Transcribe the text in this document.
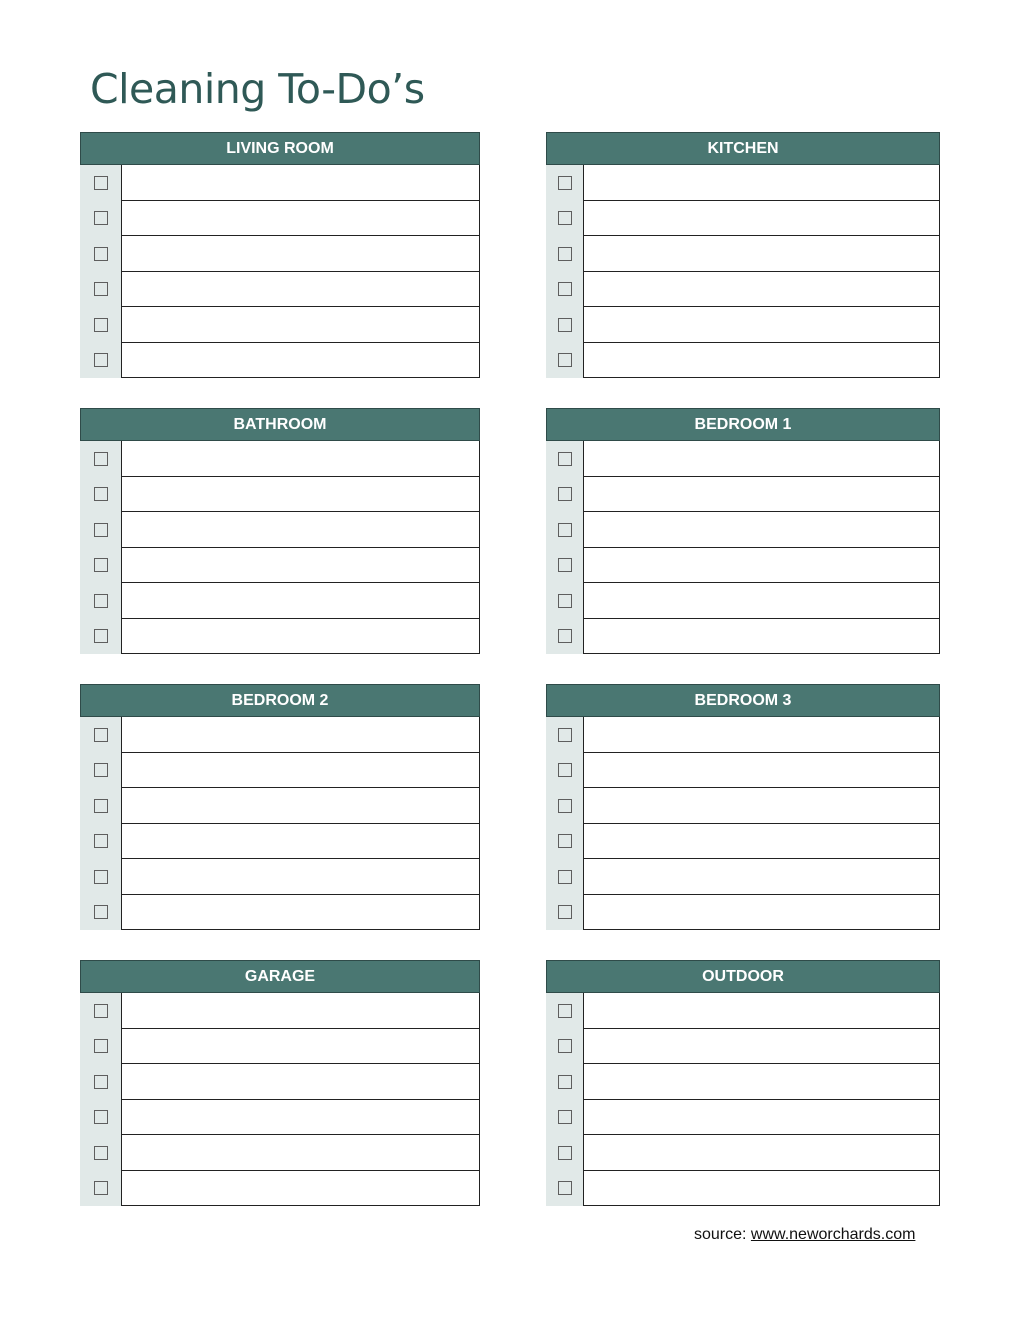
Cleaning To-Do’s
LIVING ROOM	KITCHEN
BATHROOM	BEDROOM 1
BEDROOM 2	BEDROOM 3
GARAGE	OUTDOOR
source: www.neworchards.com
